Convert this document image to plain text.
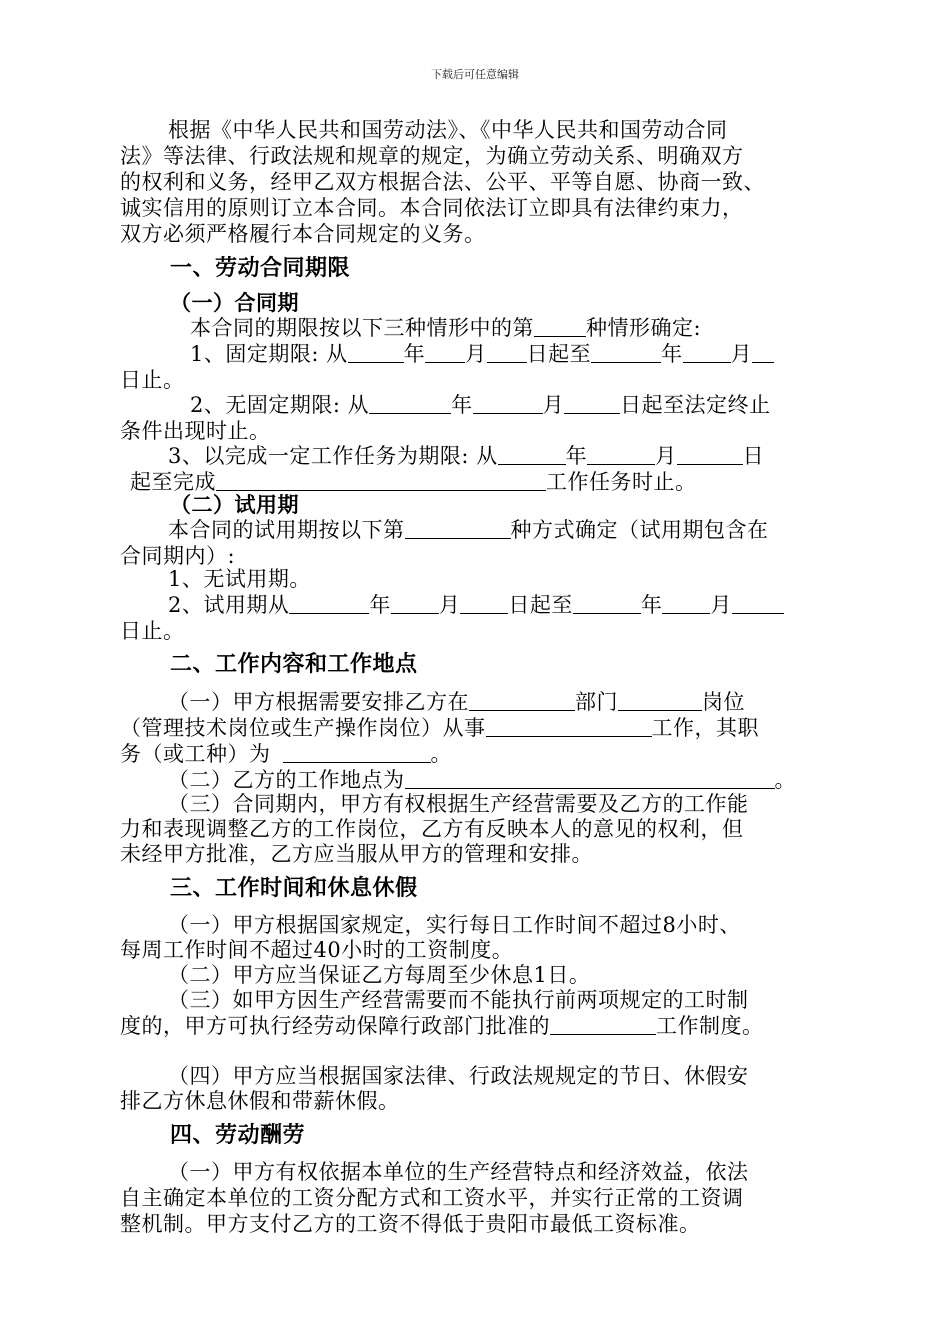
下载后可任意编辑
根据《中华人民共和国劳动法》、《中华人民共和国劳动合同
法》等法律、行政法规和规章的规定，为确立劳动关系、明确双方
的权利和义务，经甲乙双方根据合法、公平、平等自愿、协商一致、
诚实信用的原则订立本合同。本合同依法订立即具有法律约束力，
双方必须严格履行本合同规定的义务。
一、劳动合同期限
（一）合同期
本合同的期限按以下三种情形中的第 种情形确定:
1、固定期限: 从	年 月 日起至	年 月
日止。
2、无固定期限: 从	年	月	日起至法定终止
条件出现时止。
3、以完成一定工作任务为期限: 从	年	月	日
起至完成	工作任务时止。
（二）试用期
本合同的试用期按以下第	种方式确定（试用期包含在
合同期内）:
1、无试用期。
2、试用期从	年 月 日起至	年 月
日止。
二、工作内容和工作地点
（一）甲方根据需要安排乙方在	部门	岗位
（管理技术岗位或生产操作岗位）从事	工作，其职
务（或工种）为	。
（二）乙方的工作地点为	。
（三）合同期内，甲方有权根据生产经营需要及乙方的工作能
力和表现调整乙方的工作岗位，乙方有反映本人的意见的权利，但
未经甲方批准，乙方应当服从甲方的管理和安排。
三、工作时间和休息休假
（一）甲方根据国家规定，实行每日工作时间不超过8小时、
每周工作时间不超过40小时的工资制度。
（二）甲方应当保证乙方每周至少休息1日。
（三）如甲方因生产经营需要而不能执行前两项规定的工时制
度的，甲方可执行经劳动保障行政部门批准的	工作制度。
（四）甲方应当根据国家法律、行政法规规定的节日、休假安
排乙方休息休假和带薪休假。
四、劳动酬劳
（一）甲方有权依据本单位的生产经营特点和经济效益，依法
自主确定本单位的工资分配方式和工资水平，并实行正常的工资调
整机制。甲方支付乙方的工资不得低于贵阳市最低工资标准。
